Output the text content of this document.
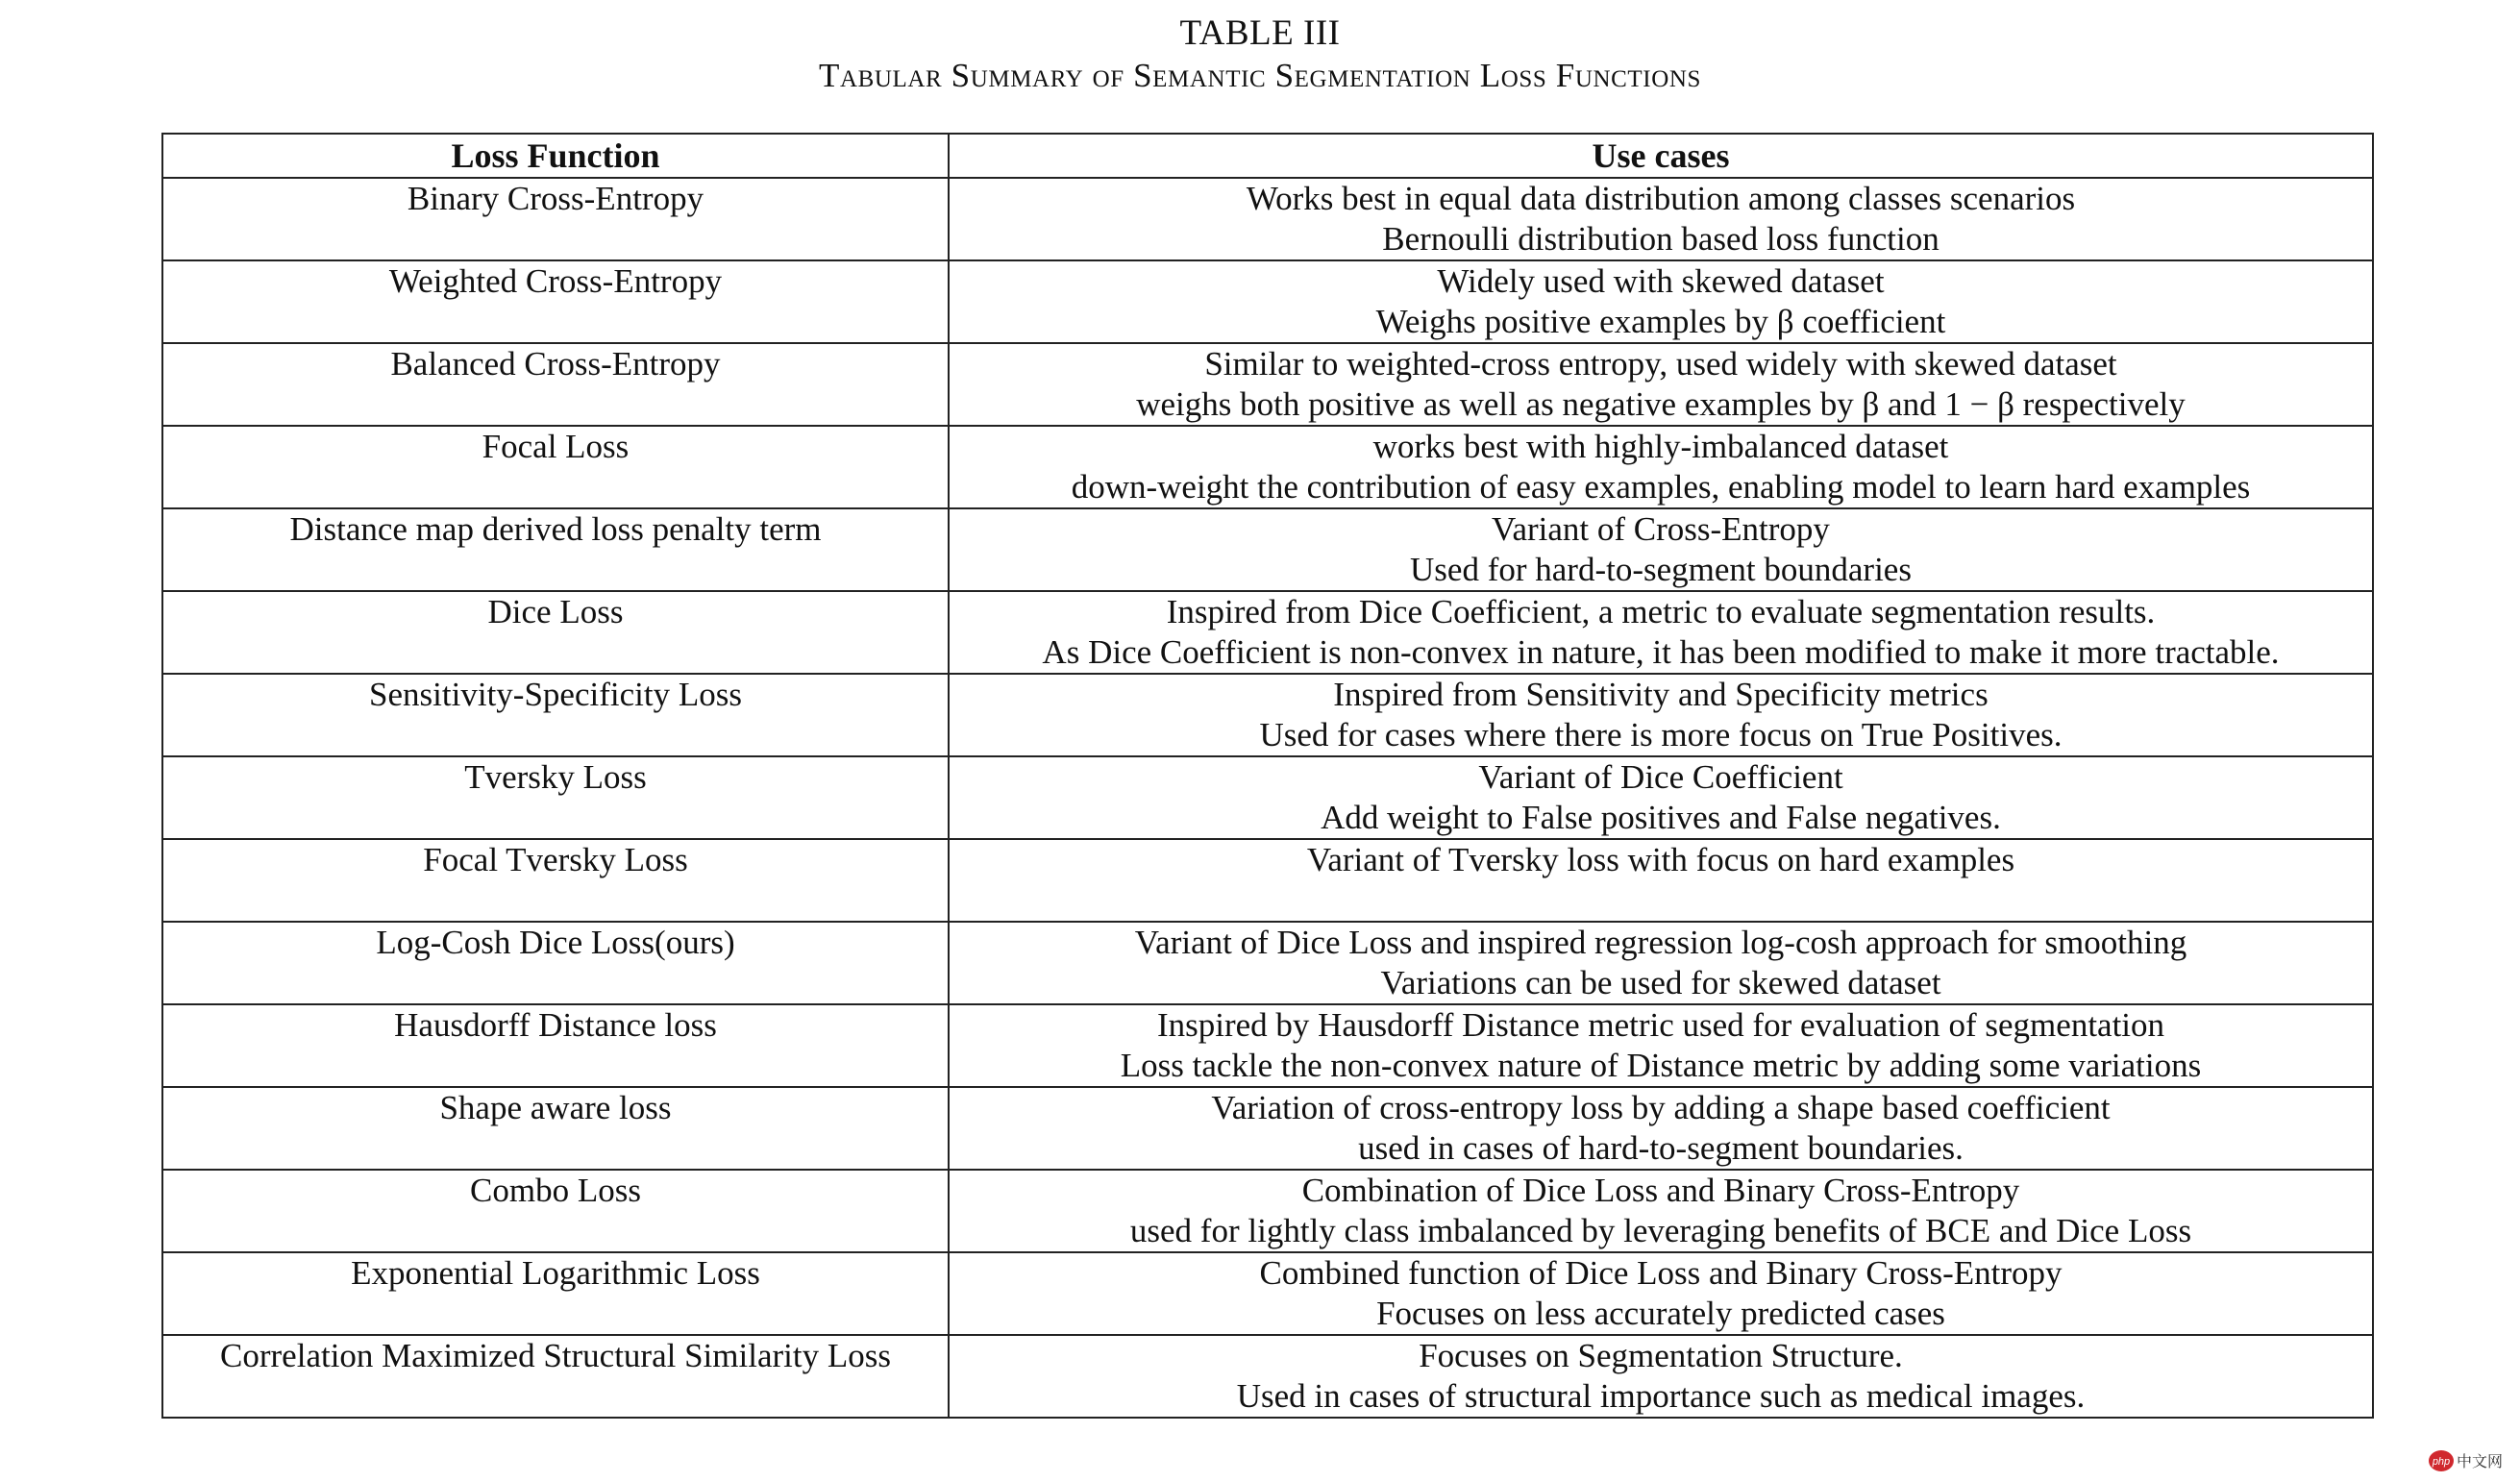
TABLE III
Tabular Summary of Semantic Segmentation Loss Functions
Loss Function	Use cases

Binary Cross-Entropy	Works best in equal data distribution among classes scenarios
Bernoulli distribution based loss function

Weighted Cross-Entropy	Widely used with skewed dataset
Weighs positive examples by β coefficient

Balanced Cross-Entropy	Similar to weighted-cross entropy, used widely with skewed dataset
weighs both positive as well as negative examples by β and 1 − β respectively

Focal Loss	works best with highly-imbalanced dataset
down-weight the contribution of easy examples, enabling model to learn hard examples

Distance map derived loss penalty term	Variant of Cross-Entropy
Used for hard-to-segment boundaries

Dice Loss	Inspired from Dice Coefficient, a metric to evaluate segmentation results.
As Dice Coefficient is non-convex in nature, it has been modified to make it more tractable.

Sensitivity-Specificity Loss	Inspired from Sensitivity and Specificity metrics
Used for cases where there is more focus on True Positives.

Tversky Loss	Variant of Dice Coefficient
Add weight to False positives and False negatives.

Focal Tversky Loss	Variant of Tversky loss with focus on hard examples

Log-Cosh Dice Loss(ours)	Variant of Dice Loss and inspired regression log-cosh approach for smoothing
Variations can be used for skewed dataset

Hausdorff Distance loss	Inspired by Hausdorff Distance metric used for evaluation of segmentation
Loss tackle the non-convex nature of Distance metric by adding some variations

Shape aware loss	Variation of cross-entropy loss by adding a shape based coefficient
used in cases of hard-to-segment boundaries.

Combo Loss	Combination of Dice Loss and Binary Cross-Entropy
used for lightly class imbalanced by leveraging benefits of BCE and Dice Loss

Exponential Logarithmic Loss	Combined function of Dice Loss and Binary Cross-Entropy
Focuses on less accurately predicted cases

Correlation Maximized Structural Similarity Loss	Focuses on Segmentation Structure.
Used in cases of structural importance such as medical images.
php 中文网
